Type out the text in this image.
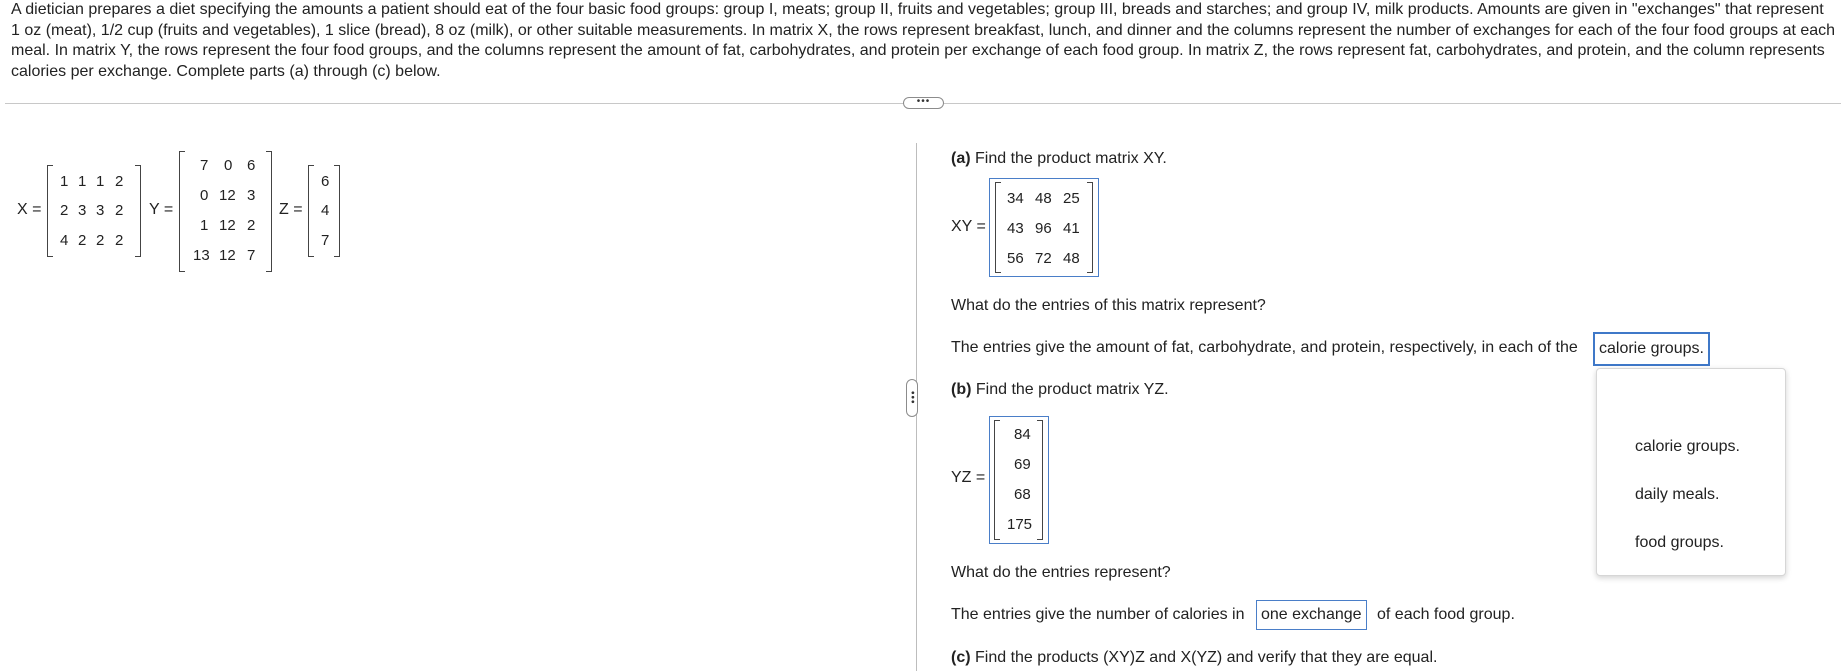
A dietician prepares a diet specifying the amounts a patient should eat of the four basic food groups: group I, meats; group II, fruits and vegetables; group III, breads and starches; and group IV, milk products. Amounts are given in "exchanges" that represent 1 oz (meat), 1/2 cup (fruits and vegetables), 1 slice (bread), 8 oz (milk), or other suitable measurements. In matrix X, the rows represent breakfast, lunch, and dinner and the columns represent the number of exchanges for each of the four food groups at each meal. In matrix Y, the rows represent the four food groups, and the columns represent the amount of fat, carbohydrates, and protein per exchange of each food group. In matrix Z, the rows represent fat, carbohydrates, and protein, and the column represents calories per exchange. Complete parts (a) through (c) below.
•••
X =
1 1 1 2
2 3 3 2
4 2 2 2
Y =
7 0 6
0 12 3
1 12 2
13 12 7
Z =
6
4
7
•••
(a) Find the product matrix XY.
XY =
34 48 25
43 96 41
56 72 48
What do the entries of this matrix represent?
The entries give the amount of fat, carbohydrate, and protein, respectively, in each of the	calorie groups.
(b) Find the product matrix YZ.
YZ =
84
69
68
175
What do the entries represent?
The entries give the number of calories in	one exchange of each food group.
(c) Find the products (XY)Z and X(YZ) and verify that they are equal.
calorie groups.
daily meals.
food groups.
